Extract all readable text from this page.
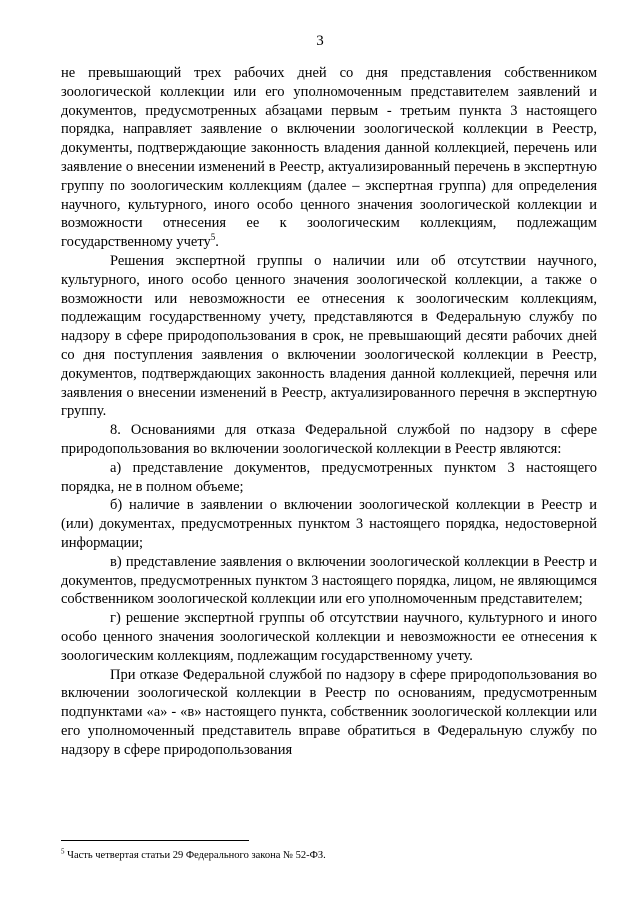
3

не превышающий трех рабочих дней со дня представления собственником зоологической коллекции или его уполномоченным представителем заявлений и документов, предусмотренных абзацами первым - третьим пункта 3 настоящего порядка, направляет заявление о включении зоологической коллекции в Реестр, документы, подтверждающие законность владения данной коллекцией, перечень или заявление о внесении изменений в Реестр, актуализированный перечень в экспертную группу по зоологическим коллекциям (далее – экспертная группа) для определения научного, культурного, иного особо ценного значения зоологической коллекции и возможности отнесения ее к зоологическим коллекциям, подлежащим государственному учету$^5$.

Решения экспертной группы о наличии или об отсутствии научного, культурного, иного особо ценного значения зоологической коллекции, а также о возможности или невозможности ее отнесения к зоологическим коллекциям, подлежащим государственному учету, представляются в Федеральную службу по надзору в сфере природопользования в срок, не превышающий десяти рабочих дней со дня поступления заявления о включении зоологической коллекции в Реестр, документов, подтверждающих законность владения данной коллекцией, перечня или заявления о внесении изменений в Реестр, актуализированного перечня в экспертную группу.

8. Основаниями для отказа Федеральной службой по надзору в сфере природопользования во включении зоологической коллекции в Реестр являются:

а) представление документов, предусмотренных пунктом 3 настоящего порядка, не в полном объеме;

б) наличие в заявлении о включении зоологической коллекции в Реестр и (или) документах, предусмотренных пунктом 3 настоящего порядка, недостоверной информации;

в) представление заявления о включении зоологической коллекции в Реестр и документов, предусмотренных пунктом 3 настоящего порядка, лицом, не являющимся собственником зоологической коллекции или его уполномоченным представителем;

г) решение экспертной группы об отсутствии научного, культурного и иного особо ценного значения зоологической коллекции и невозможности ее отнесения к зоологическим коллекциям, подлежащим государственному учету.

При отказе Федеральной службой по надзору в сфере природопользования во включении зоологической коллекции в Реестр по основаниям, предусмотренным подпунктами «а» - «в» настоящего пункта, собственник зоологической коллекции или его уполномоченный представитель вправе обратиться в Федеральную службу по надзору в сфере природопользования

$^5$ Часть четвертая статьи 29 Федерального закона № 52-ФЗ.
